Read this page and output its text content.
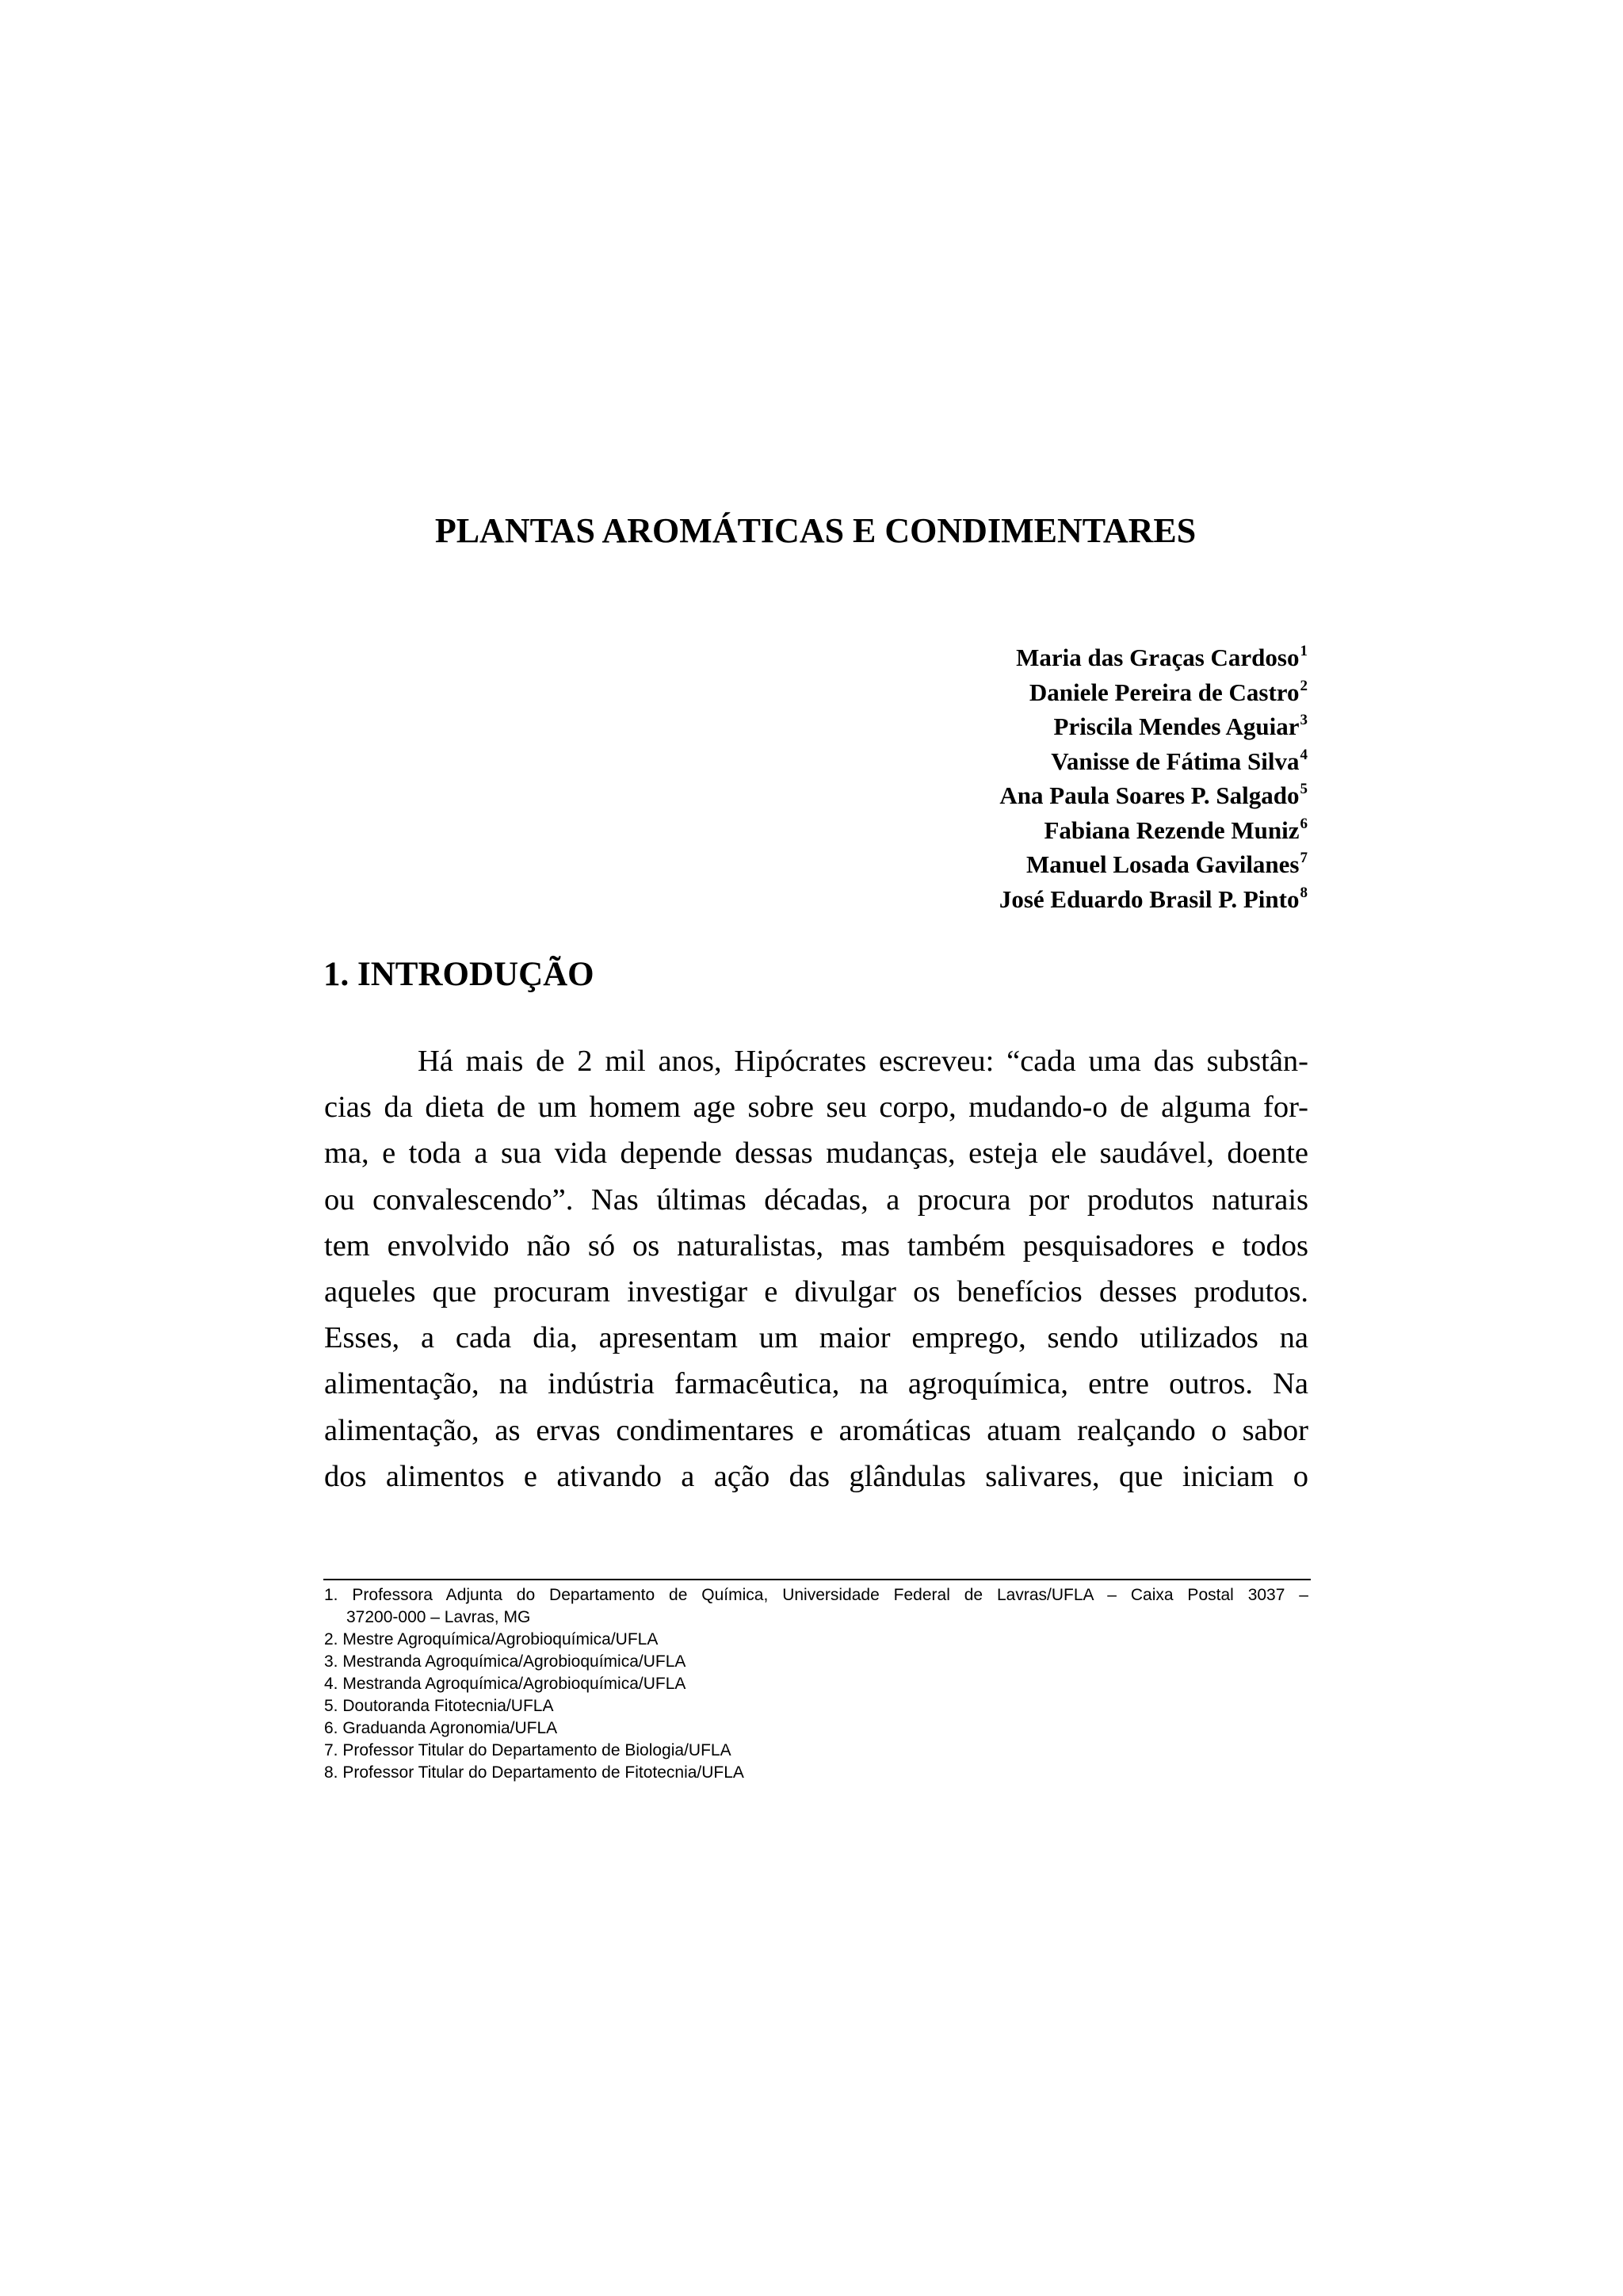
PLANTAS AROMÁTICAS E CONDIMENTARES
Maria das Graças Cardoso$^1$
Daniele Pereira de Castro$^2$
Priscila Mendes Aguiar$^3$
Vanisse de Fátima Silva$^4$
Ana Paula Soares P. Salgado$^5$
Fabiana Rezende Muniz$^6$
Manuel Losada Gavilanes$^7$
José Eduardo Brasil P. Pinto$^8$
1. INTRODUÇÃO
Há mais de 2 mil anos, Hipócrates escreveu: “cada uma das substân-
cias da dieta de um homem age sobre seu corpo, mudando-o de alguma for-
ma, e toda a sua vida depende dessas mudanças, esteja ele saudável, doente
ou convalescendo”. Nas últimas décadas, a procura por produtos naturais
tem envolvido não só os naturalistas, mas também pesquisadores e todos
aqueles que procuram investigar e divulgar os benefícios desses produtos.
Esses, a cada dia, apresentam um maior emprego, sendo utilizados na
alimentação, na indústria farmacêutica, na agroquímica, entre outros. Na
alimentação, as ervas condimentares e aromáticas atuam realçando o sabor
dos alimentos e ativando a ação das glândulas salivares, que iniciam o
1. Professora Adjunta do Departamento de Química, Universidade Federal de Lavras/UFLA – Caixa Postal 3037 –
37200-000 – Lavras, MG
2. Mestre Agroquímica/Agrobioquímica/UFLA
3. Mestranda Agroquímica/Agrobioquímica/UFLA
4. Mestranda Agroquímica/Agrobioquímica/UFLA
5. Doutoranda Fitotecnia/UFLA
6. Graduanda Agronomia/UFLA
7. Professor Titular do Departamento de Biologia/UFLA
8. Professor Titular do Departamento de Fitotecnia/UFLA
